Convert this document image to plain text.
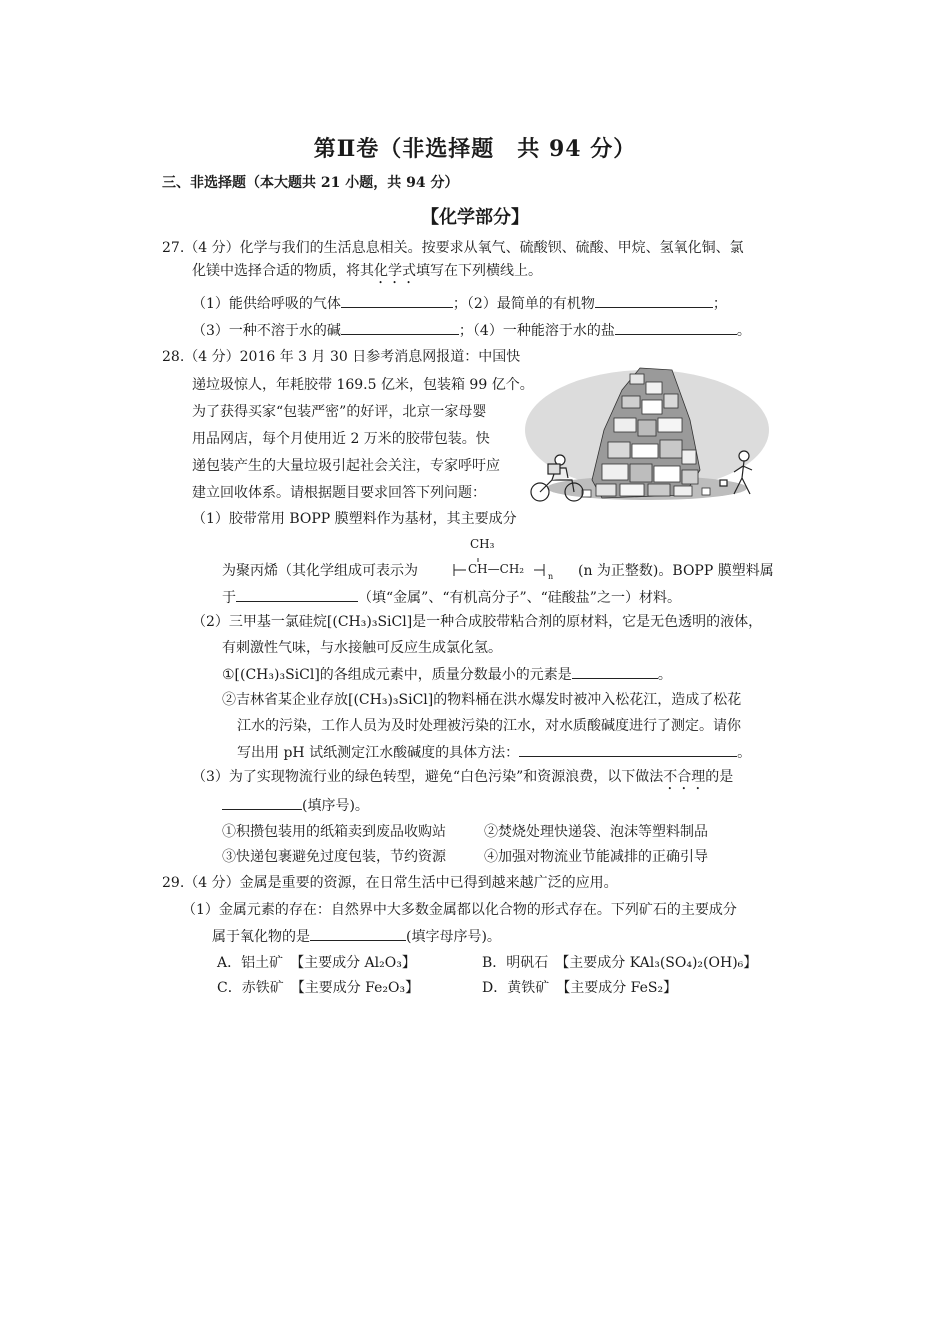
第Ⅱ卷（非选择题　共 94 分）
三、非选择题（本大题共 21 小题，共 94 分）
【化学部分】
27.（4 分）化学与我们的生活息息相关。按要求从氧气、硫酸钡、硫酸、甲烷、氢氧化铜、氯
化镁中选择合适的物质，将其化学式填写在下列横线上。
（1）能供给呼吸的气体	；（2）最简单的有机物	；
（3）一种不溶于水的碱	；（4）一种能溶于水的盐	。
28.（4 分）2016 年 3 月 30 日参考消息网报道：中国快
递垃圾惊人，年耗胶带 169.5 亿米，包装箱 99 亿个。
为了获得买家“包装严密”的好评，北京一家母婴
用品网店，每个月使用近 2 万米的胶带包装。快
递包装产生的大量垃圾引起社会关注，专家呼吁应
建立回收体系。请根据题目要求回答下列问题：
（1）胶带常用 BOPP 膜塑料作为基材，其主要成分
CH₃
为聚丙烯（其化学组成可表示为	CH—CH₂
n (n 为正整数)。BOPP 膜塑料属
于	（填“金属”、“有机高分子”、“硅酸盐”之一）材料。
（2）三甲基一氯硅烷[(CH₃)₃SiCl]是一种合成胶带粘合剂的原材料，它是无色透明的液体，
有刺激性气味，与水接触可反应生成氯化氢。
①[(CH₃)₃SiCl]的各组成元素中，质量分数最小的元素是	。
②吉林省某企业存放[(CH₃)₃SiCl]的物料桶在洪水爆发时被冲入松花江，造成了松花
江水的污染，工作人员为及时处理被污染的江水，对水质酸碱度进行了测定。请你
写出用 pH 试纸测定江水酸碱度的具体方法：	。
（3）为了实现物流行业的绿色转型，避免“白色污染”和资源浪费，以下做法不合理的是
(填序号)。
①积攒包装用的纸箱卖到废品收购站	②焚烧处理快递袋、泡沫等塑料制品
③快递包裹避免过度包装，节约资源	④加强对物流业节能减排的正确引导
29.（4 分）金属是重要的资源，在日常生活中已得到越来越广泛的应用。
（1）金属元素的存在：自然界中大多数金属都以化合物的形式存在。下列矿石的主要成分
属于氧化物的是	(填字母序号)。
A．铝土矿　【主要成分 Al₂O₃】	B．明矾石　【主要成分 KAl₃(SO₄)₂(OH)₆】
C．赤铁矿　【主要成分 Fe₂O₃】	D．黄铁矿　【主要成分 FeS₂】
